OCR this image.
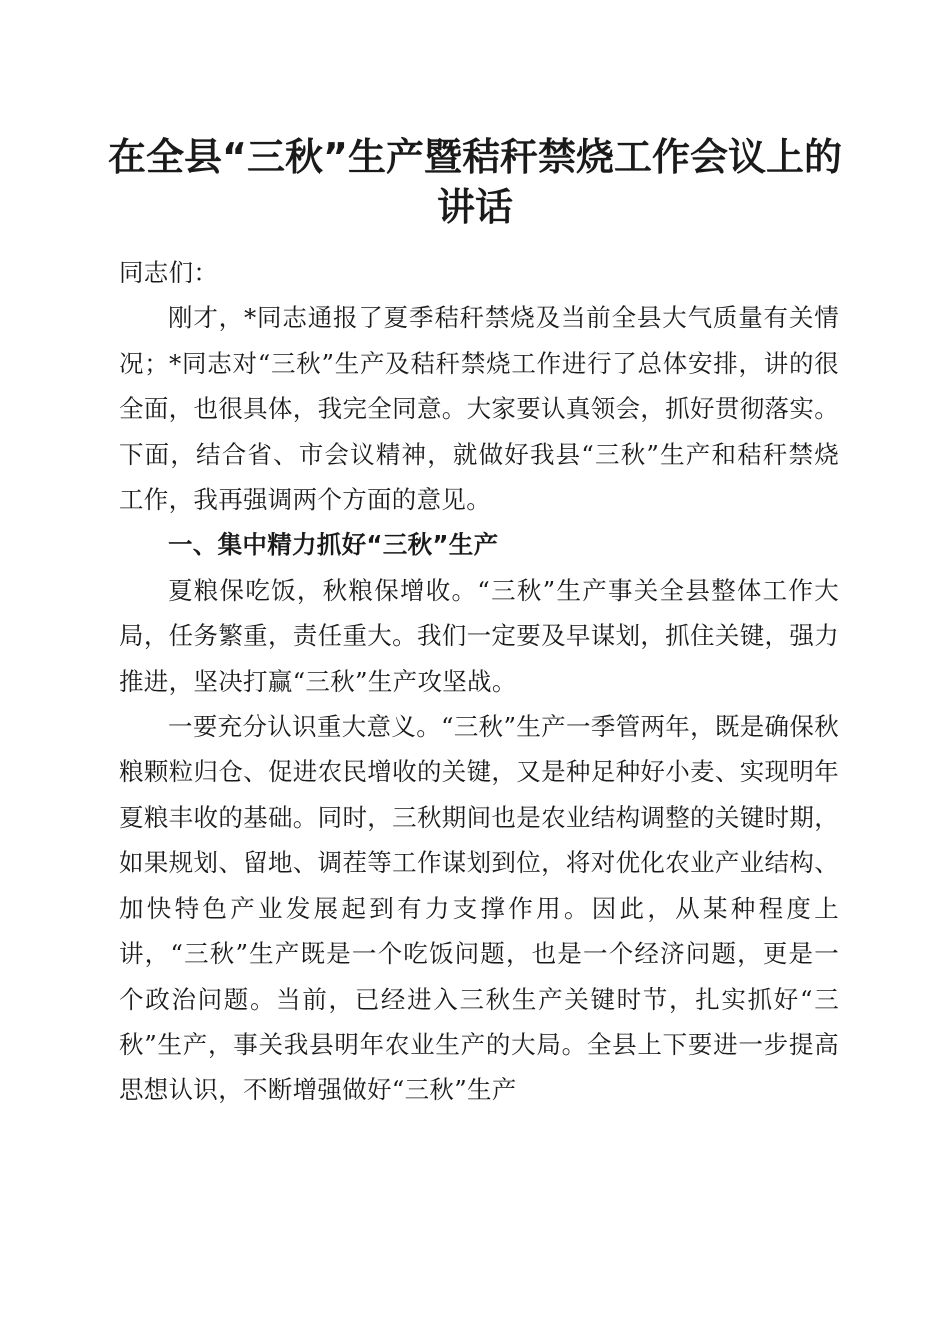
在全县“三秋”生产暨秸秆禁烧工作会议上的讲话

同志们：

刚才，*同志通报了夏季秸秆禁烧及当前全县大气质量有关情况；*同志对“三秋”生产及秸秆禁烧工作进行了总体安排，讲的很全面，也很具体，我完全同意。大家要认真领会，抓好贯彻落实。下面，结合省、市会议精神，就做好我县“三秋”生产和秸秆禁烧工作，我再强调两个方面的意见。

一、集中精力抓好“三秋”生产

夏粮保吃饭，秋粮保增收。“三秋”生产事关全县整体工作大局，任务繁重，责任重大。我们一定要及早谋划，抓住关键，强力推进，坚决打赢“三秋”生产攻坚战。

一要充分认识重大意义。“三秋”生产一季管两年，既是确保秋粮颗粒归仓、促进农民增收的关键，又是种足种好小麦、实现明年夏粮丰收的基础。同时，三秋期间也是农业结构调整的关键时期，如果规划、留地、调茬等工作谋划到位，将对优化农业产业结构、加快特色产业发展起到有力支撑作用。因此，从某种程度上讲，“三秋”生产既是一个吃饭问题，也是一个经济问题，更是一个政治问题。当前，已经进入三秋生产关键时节，扎实抓好“三秋”生产，事关我县明年农业生产的大局。全县上下要进一步提高思想认识，不断增强做好“三秋”生产
